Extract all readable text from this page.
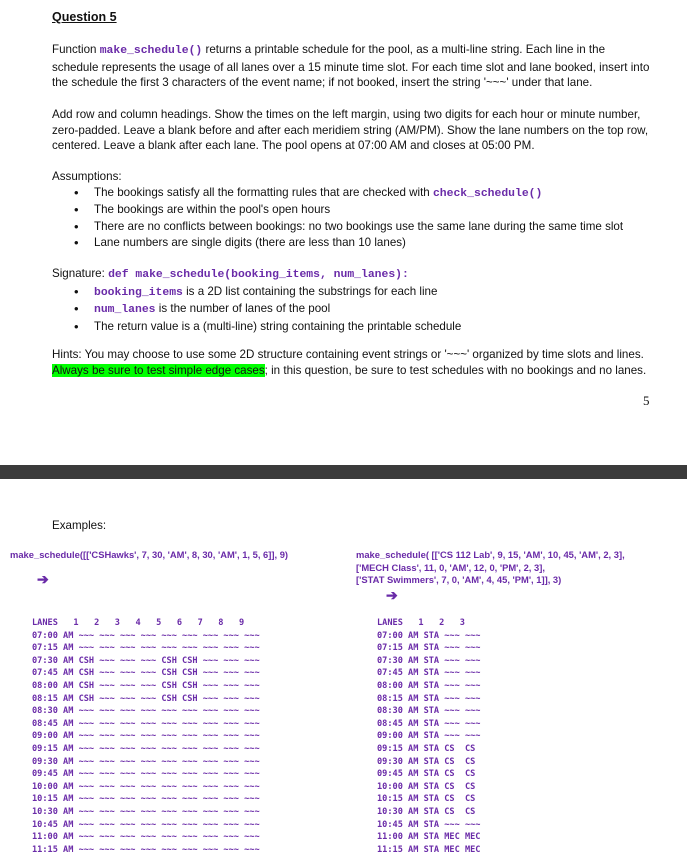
Question 5
Function make_schedule() returns a printable schedule for the pool, as a multi-line string. Each line in the schedule represents the usage of all lanes over a 15 minute time slot. For each time slot and lane booked, insert into the schedule the first 3 characters of the event name; if not booked, insert the string '~~~' under that lane.
Add row and column headings. Show the times on the left margin, using two digits for each hour or minute number, zero-padded. Leave a blank before and after each meridiem string (AM/PM). Show the lane numbers on the top row, centered. Leave a blank after each lane. The pool opens at 07:00 AM and closes at 05:00 PM.
Assumptions:
• The bookings satisfy all the formatting rules that are checked with check_schedule()
• The bookings are within the pool's open hours
• There are no conflicts between bookings: no two bookings use the same lane during the same time slot
• Lane numbers are single digits (there are less than 10 lanes)
Signature: def make_schedule(booking_items, num_lanes):
• booking_items is a 2D list containing the substrings for each line
• num_lanes is the number of lanes of the pool
• The return value is a (multi-line) string containing the printable schedule
Hints: You may choose to use some 2D structure containing event strings or '~~~' organized by time slots and lines. Always be sure to test simple edge cases; in this question, be sure to test schedules with no bookings and no lanes.
5
Examples:
make_schedule([['CSHawks', 7, 30, 'AM', 8, 30, 'AM', 1, 5, 6]], 9)
➔
make_schedule( [['CS 112 Lab', 9, 15, 'AM', 10, 45, 'AM', 2, 3],
['MECH Class', 11, 0, 'AM', 12, 0, 'PM', 2, 3],
['STAT Swimmers', 7, 0, 'AM', 4, 45, 'PM', 1]], 3)
➔
LANES   1   2   3   4   5   6   7   8   9
07:00 AM ~~~ ~~~ ~~~ ~~~ ~~~ ~~~ ~~~ ~~~ ~~~
07:15 AM ~~~ ~~~ ~~~ ~~~ ~~~ ~~~ ~~~ ~~~ ~~~
07:30 AM CSH ~~~ ~~~ ~~~ CSH CSH ~~~ ~~~ ~~~
07:45 AM CSH ~~~ ~~~ ~~~ CSH CSH ~~~ ~~~ ~~~
08:00 AM CSH ~~~ ~~~ ~~~ CSH CSH ~~~ ~~~ ~~~
08:15 AM CSH ~~~ ~~~ ~~~ CSH CSH ~~~ ~~~ ~~~
08:30 AM ~~~ ~~~ ~~~ ~~~ ~~~ ~~~ ~~~ ~~~ ~~~
08:45 AM ~~~ ~~~ ~~~ ~~~ ~~~ ~~~ ~~~ ~~~ ~~~
09:00 AM ~~~ ~~~ ~~~ ~~~ ~~~ ~~~ ~~~ ~~~ ~~~
09:15 AM ~~~ ~~~ ~~~ ~~~ ~~~ ~~~ ~~~ ~~~ ~~~
09:30 AM ~~~ ~~~ ~~~ ~~~ ~~~ ~~~ ~~~ ~~~ ~~~
09:45 AM ~~~ ~~~ ~~~ ~~~ ~~~ ~~~ ~~~ ~~~ ~~~
10:00 AM ~~~ ~~~ ~~~ ~~~ ~~~ ~~~ ~~~ ~~~ ~~~
10:15 AM ~~~ ~~~ ~~~ ~~~ ~~~ ~~~ ~~~ ~~~ ~~~
10:30 AM ~~~ ~~~ ~~~ ~~~ ~~~ ~~~ ~~~ ~~~ ~~~
10:45 AM ~~~ ~~~ ~~~ ~~~ ~~~ ~~~ ~~~ ~~~ ~~~
11:00 AM ~~~ ~~~ ~~~ ~~~ ~~~ ~~~ ~~~ ~~~ ~~~
11:15 AM ~~~ ~~~ ~~~ ~~~ ~~~ ~~~ ~~~ ~~~ ~~~
LANES   1   2   3
07:00 AM STA ~~~ ~~~
07:15 AM STA ~~~ ~~~
07:30 AM STA ~~~ ~~~
07:45 AM STA ~~~ ~~~
08:00 AM STA ~~~ ~~~
08:15 AM STA ~~~ ~~~
08:30 AM STA ~~~ ~~~
08:45 AM STA ~~~ ~~~
09:00 AM STA ~~~ ~~~
09:15 AM STA CS  CS
09:30 AM STA CS  CS
09:45 AM STA CS  CS
10:00 AM STA CS  CS
10:15 AM STA CS  CS
10:30 AM STA CS  CS
10:45 AM STA ~~~ ~~~
11:00 AM STA MEC MEC
11:15 AM STA MEC MEC
